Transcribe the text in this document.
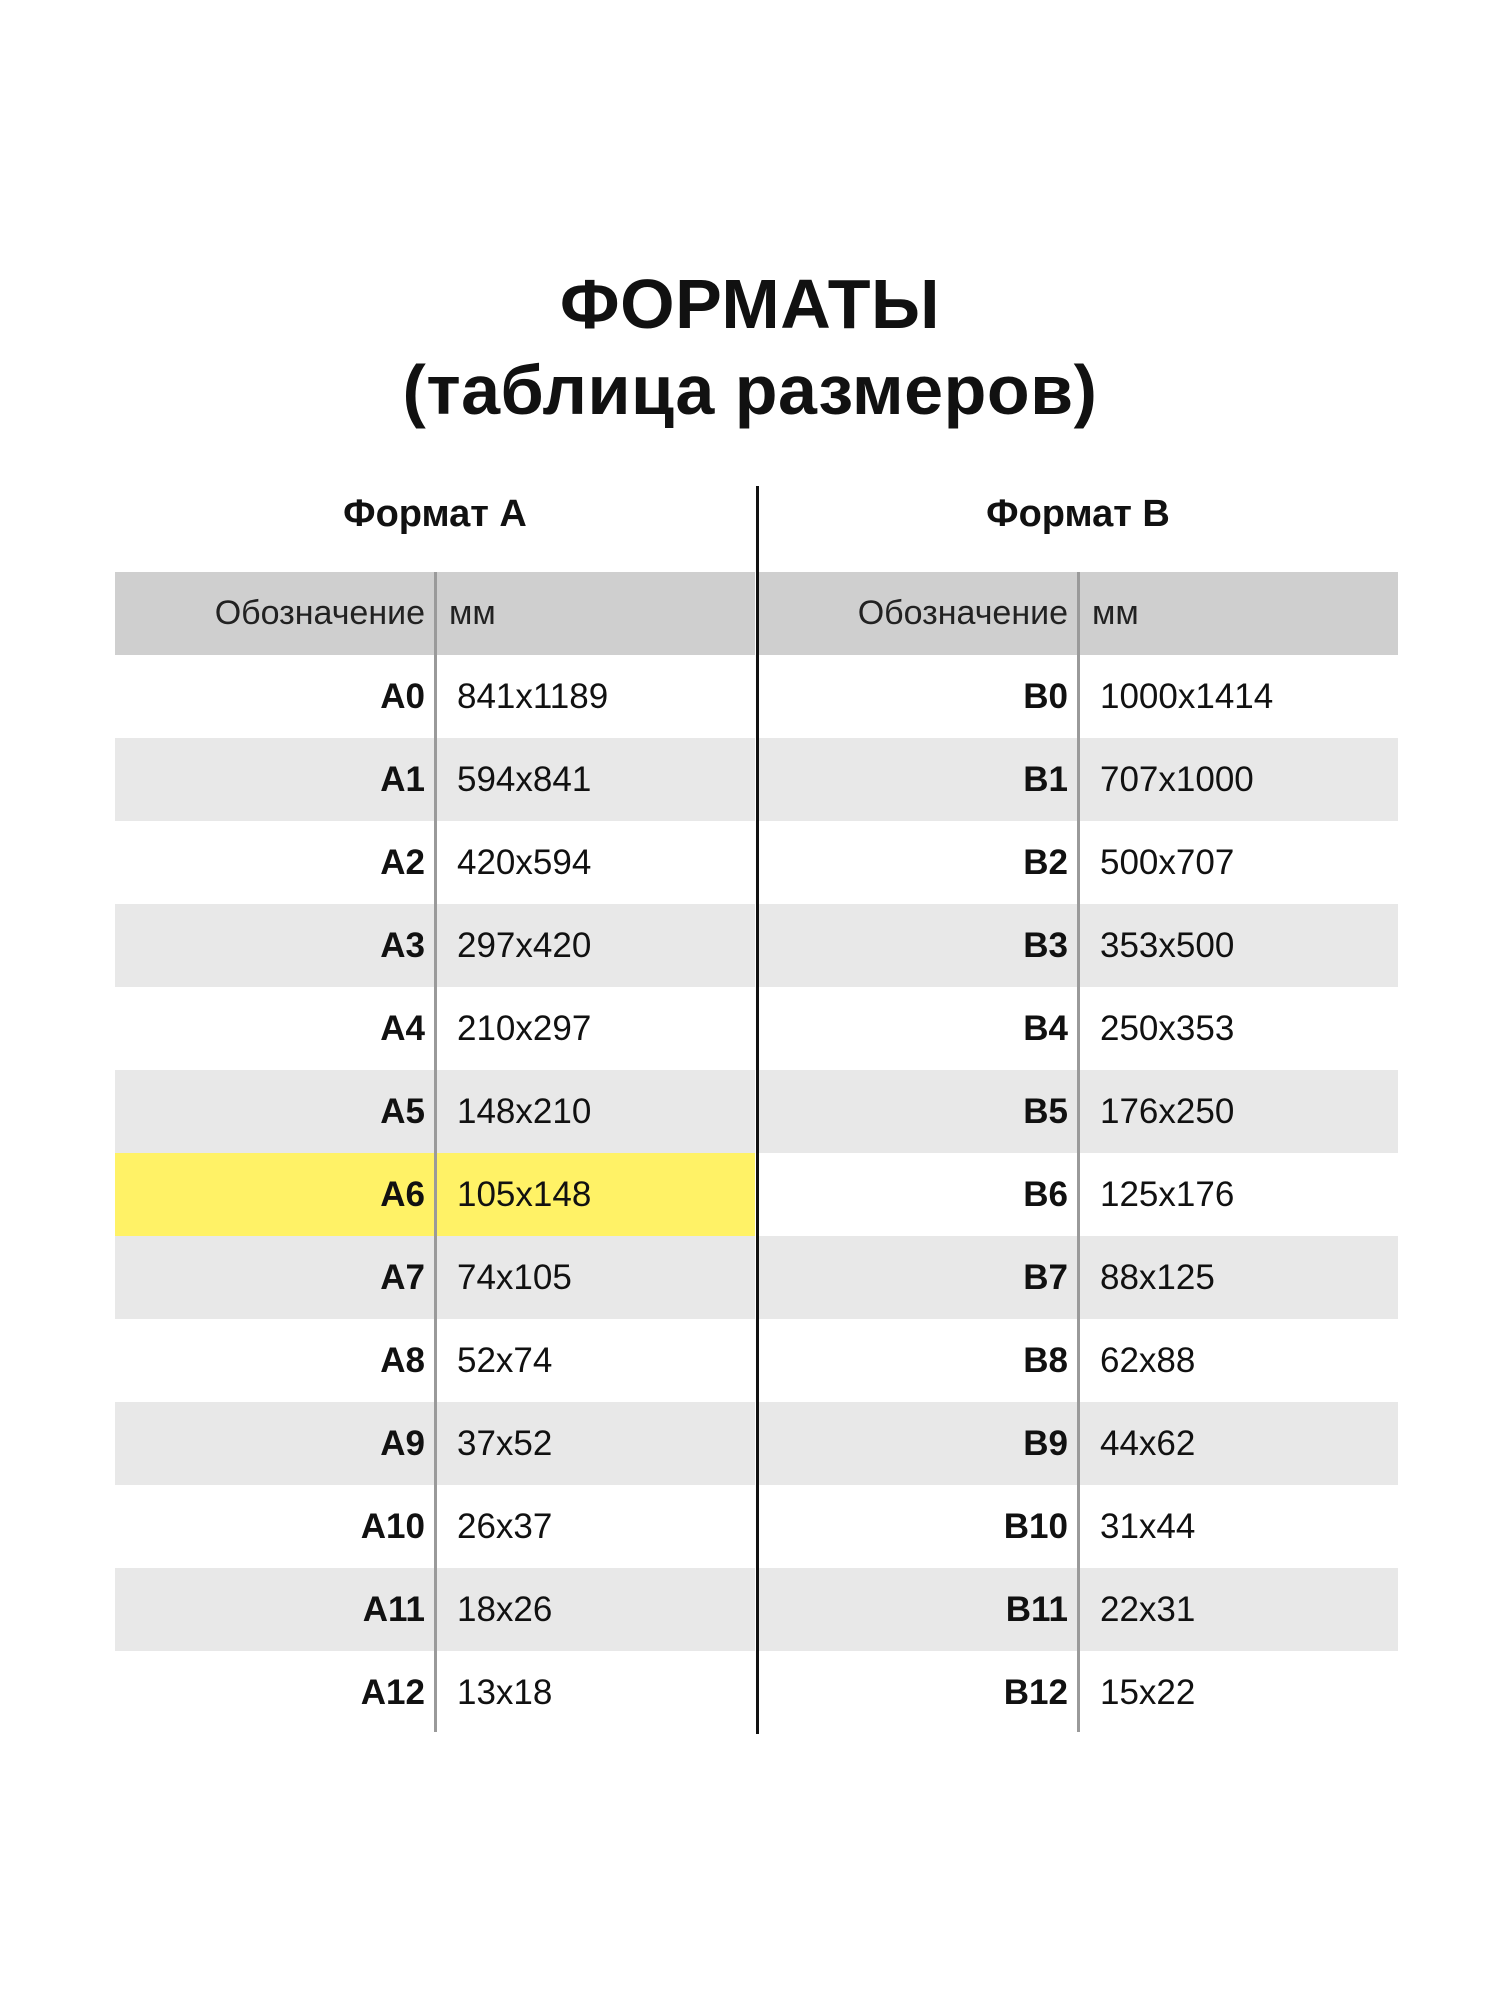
ФОРМАТЫ
(таблица размеров)
Формат А	Формат B
Обозначение мм
А0 841x1189
А1 594x841
А2 420x594
А3 297x420
А4 210x297
А5 148x210
А6 105x148
А7 74x105
А8 52x74
А9 37x52
А10 26x37
А11 18x26
А12 13x18
Обозначение мм
В0 1000x1414
В1 707x1000
В2 500x707
В3 353x500
В4 250x353
В5 176x250
В6 125x176
В7 88x125
В8 62x88
В9 44x62
В10 31x44
В11 22x31
В12 15x22
